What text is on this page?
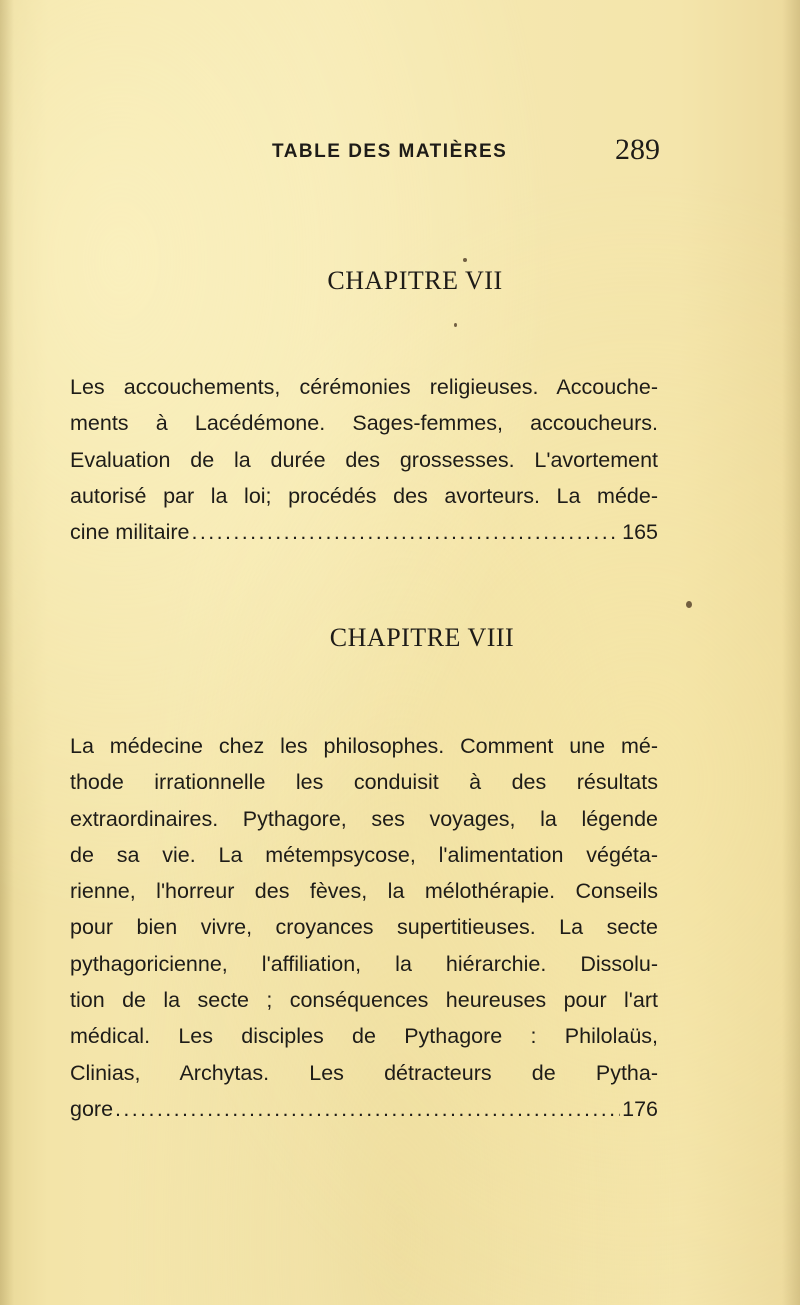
TABLE DES MATIÈRES	289
CHAPITRE VII
Les accouchements, cérémonies religieuses. Accouche-
ments à Lacédémone. Sages-femmes, accoucheurs.
Evaluation de la durée des grossesses. L'avortement
autorisé par la loi; procédés des avorteurs. La méde-
cine militaire .....	165
CHAPITRE VIII
La médecine chez les philosophes. Comment une mé-
thode irrationnelle les conduisit à des résultats
extraordinaires. Pythagore, ses voyages, la légende
de sa vie. La métempsycose, l'alimentation végéta-
rienne, l'horreur des fèves, la mélothérapie. Conseils
pour bien vivre, croyances supertitieuses. La secte
pythagoricienne, l'affiliation, la hiérarchie. Dissolu-
tion de la secte ; conséquences heureuses pour l'art
médical. Les disciples de Pythagore : Philolaüs,
Clinias, Archytas. Les détracteurs de Pytha-
gore .....	176
